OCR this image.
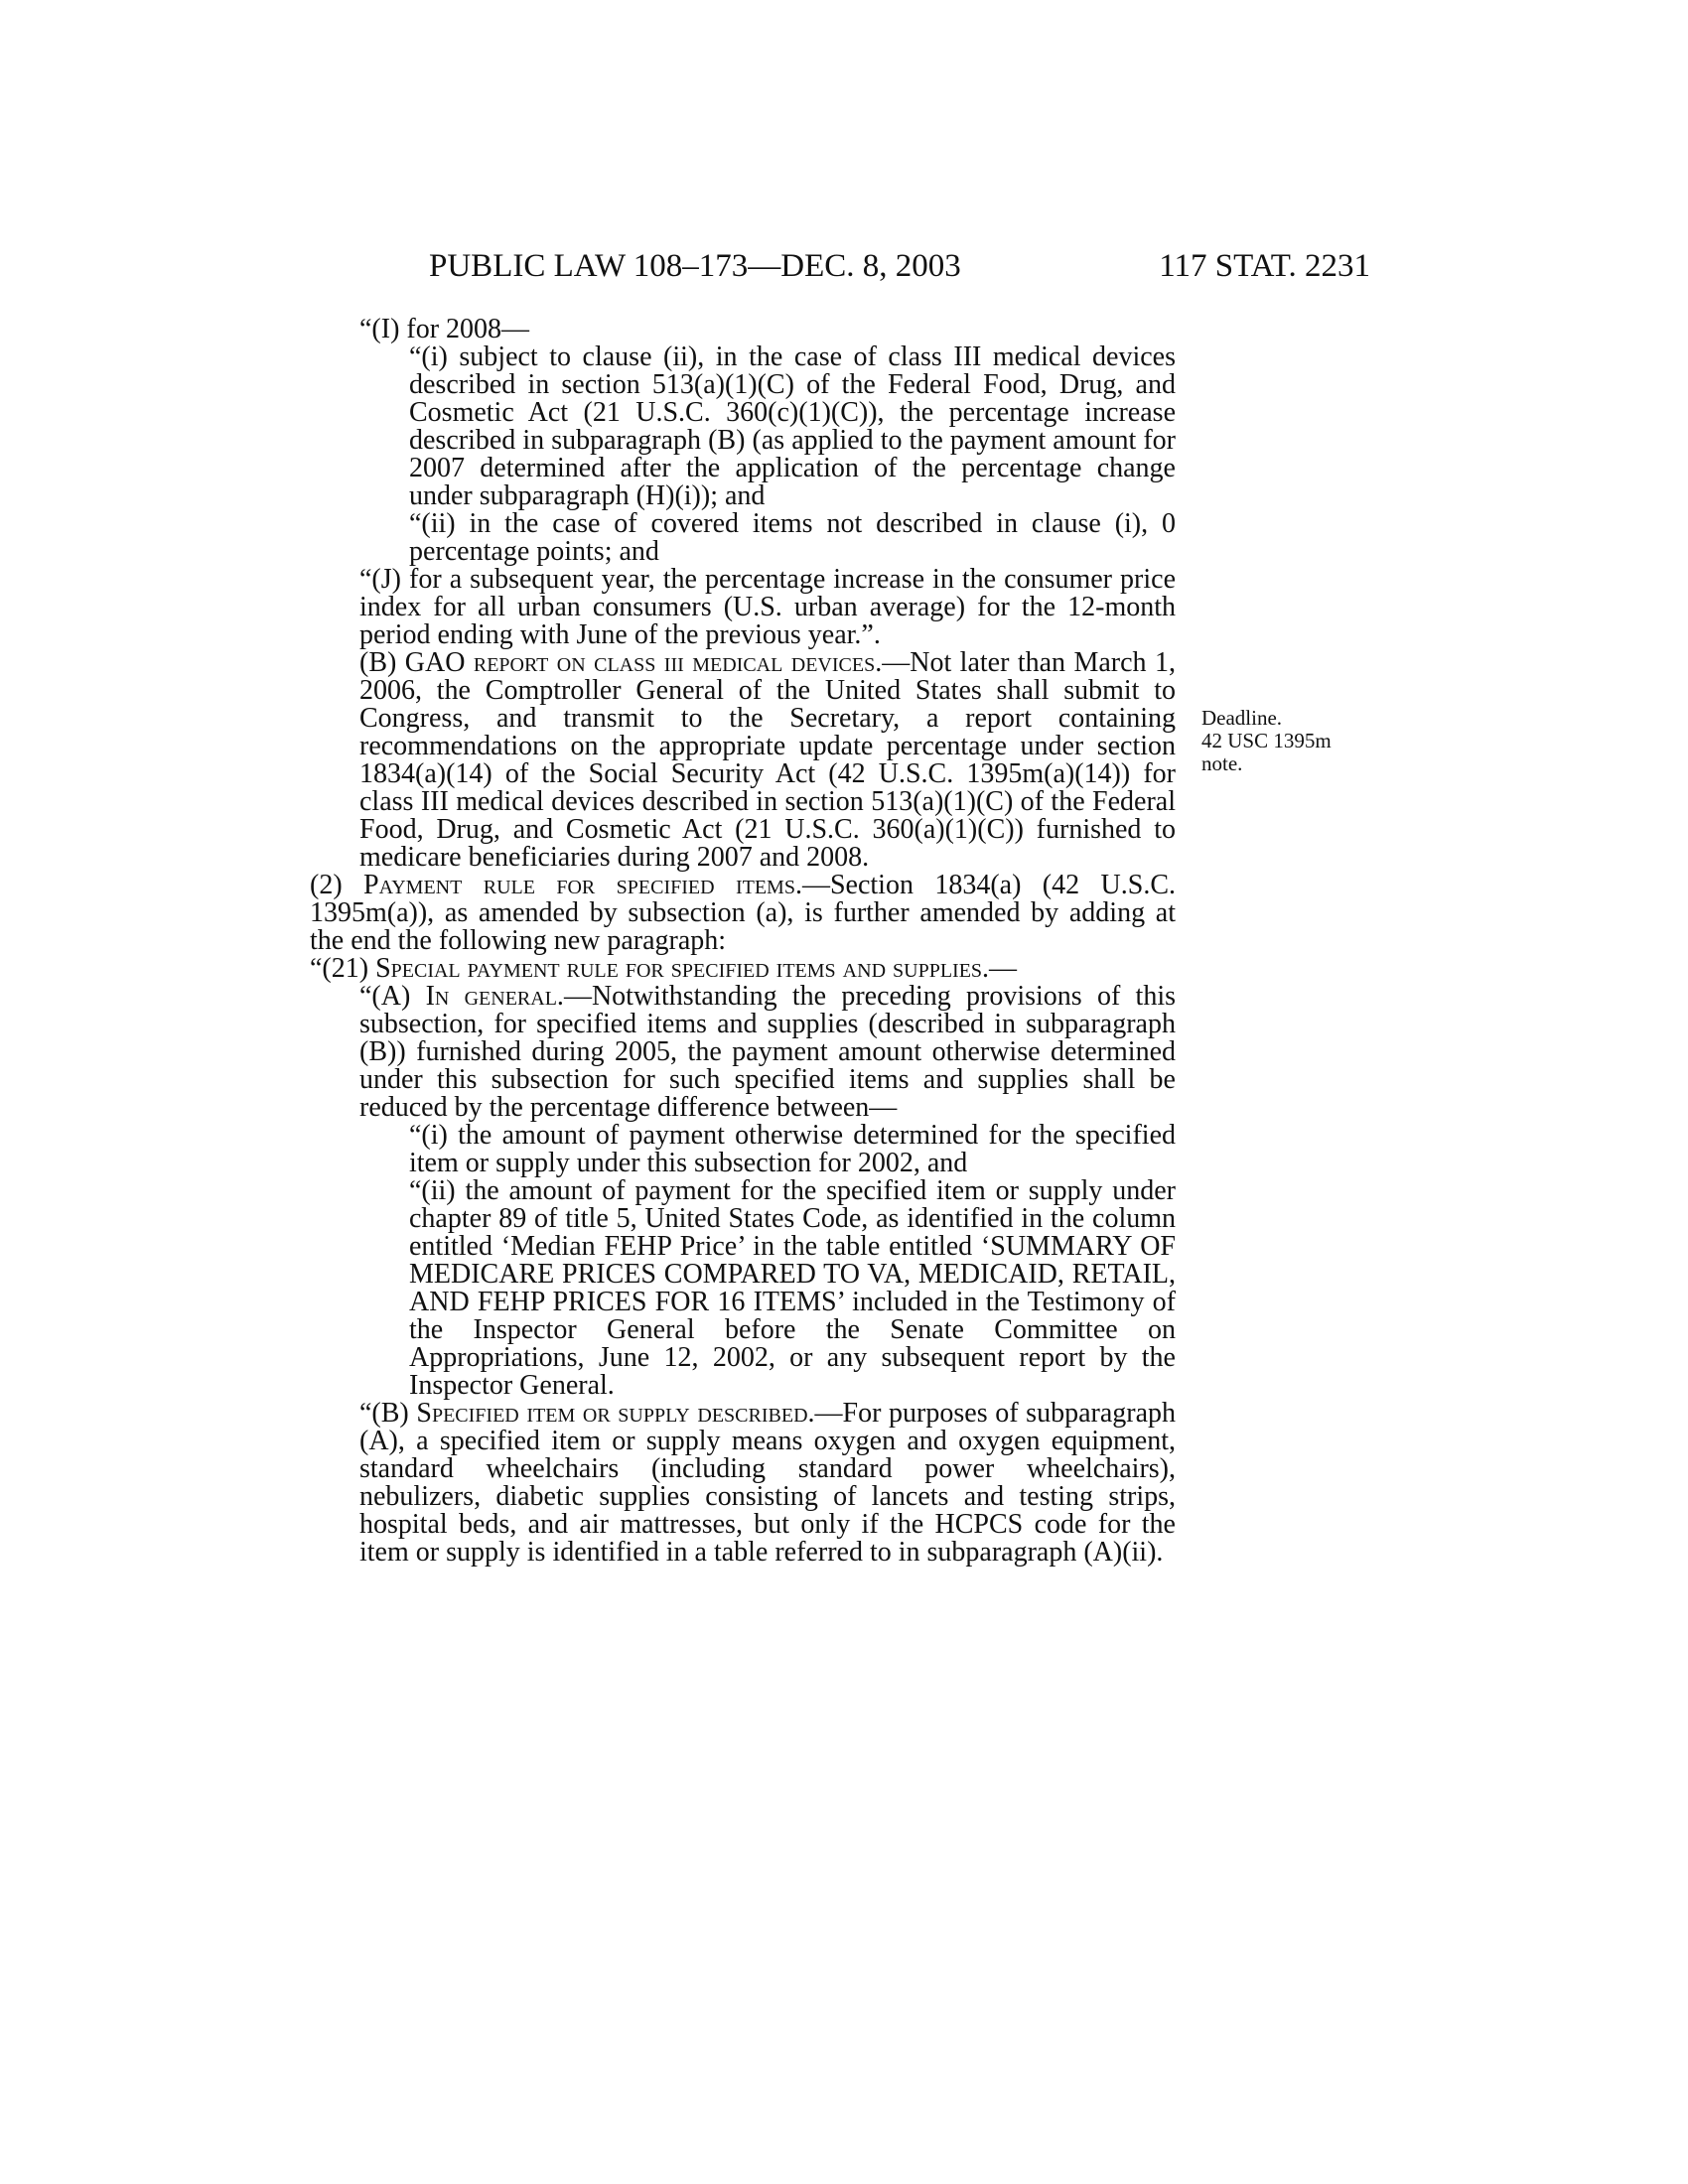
PUBLIC LAW 108–173—DEC. 8, 2003	117 STAT. 2231
Deadline.
42 USC 1395m
note.

“(I) for 2008—

“(i) subject to clause (ii), in the case of class III medical devices described in section 513(a)(1)(C) of the Federal Food, Drug, and Cosmetic Act (21 U.S.C. 360(c)(1)(C)), the percentage increase described in subparagraph (B) (as applied to the payment amount for 2007 determined after the application of the percentage change under subparagraph (H)(i)); and

“(ii) in the case of covered items not described in clause (i), 0 percentage points; and

“(J) for a subsequent year, the percentage increase in the consumer price index for all urban consumers (U.S. urban average) for the 12-month period ending with June of the previous year.”.

(B) GAO report on class iii medical devices.—Not later than March 1, 2006, the Comptroller General of the United States shall submit to Congress, and transmit to the Secretary, a report containing recommendations on the appropriate update percentage under section 1834(a)(14) of the Social Security Act (42 U.S.C. 1395m(a)(14)) for class III medical devices described in section 513(a)(1)(C) of the Federal Food, Drug, and Cosmetic Act (21 U.S.C. 360(a)(1)(C)) furnished to medicare beneficiaries during 2007 and 2008.

(2) Payment rule for specified items.—Section 1834(a) (42 U.S.C. 1395m(a)), as amended by subsection (a), is further amended by adding at the end the following new paragraph:

“(21) Special payment rule for specified items and supplies.—

“(A) In general.—Notwithstanding the preceding provisions of this subsection, for specified items and supplies (described in subparagraph (B)) furnished during 2005, the payment amount otherwise determined under this subsection for such specified items and supplies shall be reduced by the percentage difference between—

“(i) the amount of payment otherwise determined for the specified item or supply under this subsection for 2002, and

“(ii) the amount of payment for the specified item or supply under chapter 89 of title 5, United States Code, as identified in the column entitled ‘Median FEHP Price’ in the table entitled ‘SUMMARY OF MEDICARE PRICES COMPARED TO VA, MEDICAID, RETAIL, AND FEHP PRICES FOR 16 ITEMS’ included in the Testimony of the Inspector General before the Senate Committee on Appropriations, June 12, 2002, or any subsequent report by the Inspector General.

“(B) Specified item or supply described.—For purposes of subparagraph (A), a specified item or supply means oxygen and oxygen equipment, standard wheelchairs (including standard power wheelchairs), nebulizers, diabetic supplies consisting of lancets and testing strips, hospital beds, and air mattresses, but only if the HCPCS code for the item or supply is identified in a table referred to in subparagraph (A)(ii).
